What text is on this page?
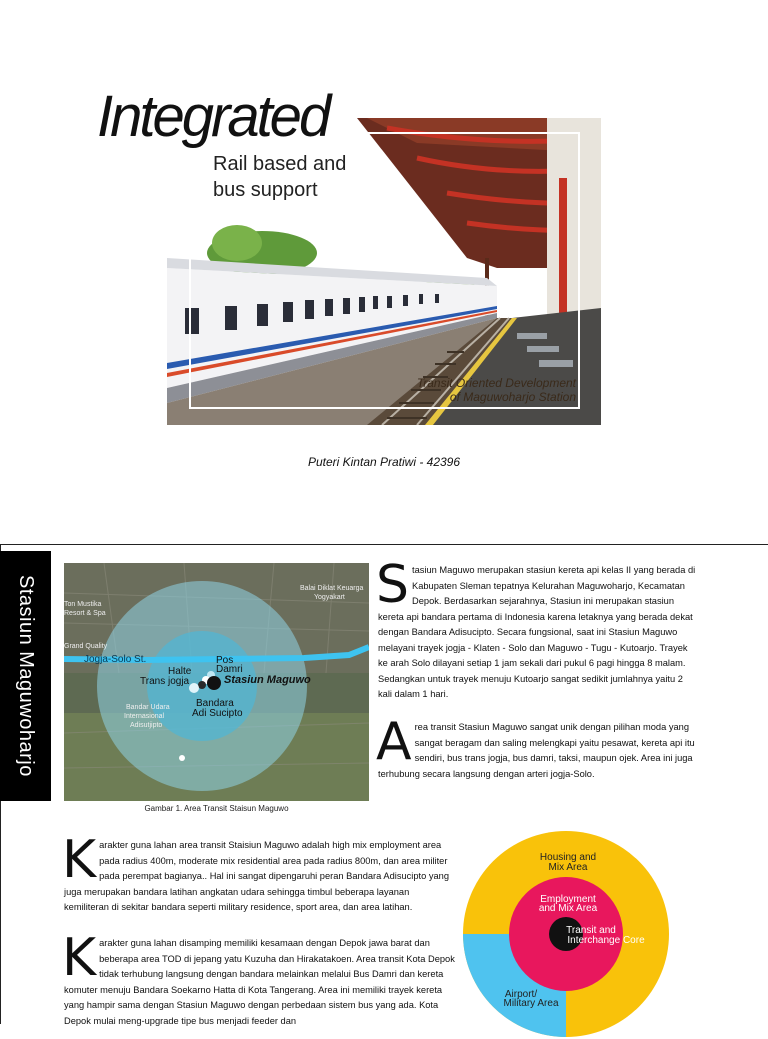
Transit Oriented Development
of Maguwoharjo Station
Integrated
Rail based and
bus support
Puteri Kintan Pratiwi - 42396
Stasiun Maguwoharjo	Ton Mustika
Resort & Spa
Balai Diklat Keuarga
Yogyakart
Grand Quality
Jogja-Solo St.	Pos
Damri
Halte
Trans jogja	Stasiun Maguwo
Bandara
Adi Sucipto
Bandar Udara
Internasional
Adisutjipto
Gambar 1. Area Transit Staisun Maguwo
S tasiun Maguwo merupakan stasiun kereta api kelas II yang berada di Kabupaten Sleman tepatnya Kelurahan Maguwoharjo, Kecamatan Depok. Berdasarkan sejarahnya, Stasiun ini merupakan stasiun kereta api bandara pertama di Indonesia karena letaknya yang berada dekat dengan Bandara Adisucipto. Secara fungsional, saat ini Stasiun Maguwo melayani trayek jogja - Klaten - Solo dan Maguwo - Tugu - Kutoarjo. Trayek ke arah Solo dilayani setiap 1 jam sekali dari pukul 6 pagi hingga 8 malam. Sedangkan untuk trayek menuju Kutoarjo sangat sedikit jumlahnya yaitu 2 kali dalam 1 hari.
A rea transit Stasiun Maguwo sangat unik dengan pilihan moda yang sangat beragam dan saling melengkapi yaitu pesawat, kereta api itu sendiri, bus trans jogja, bus damri, taksi, maupun ojek. Area ini juga terhubung secara langsung dengan arteri jogja-Solo.
K arakter guna lahan area transit Staisiun Maguwo adalah high mix employment area pada radius 400m, moderate mix residential area pada radius 800m, dan area militer pada perempat bagianya.. Hal ini sangat dipengaruhi peran Bandara Adisucipto yang juga merupakan bandara latihan angkatan udara sehingga timbul beberapa layanan kemiliteran di sekitar bandara seperti military residence, sport area, dan area latihan.
K arakter guna lahan disamping memiliki kesamaan dengan Depok jawa barat dan beberapa area TOD di jepang yatu Kuzuha dan Hirakatakoen. Area transit Kota Depok tidak terhubung langsung dengan bandara melainkan melalui Bus Damri dan kereta komuter menuju Bandara Soekarno Hatta di Kota Tangerang. Area ini memiliki trayek kereta yang hampir sama dengan Stasiun Maguwo dengan perbedaan sistem bus yang ada. Kota Depok mulai meng-upgrade tipe bus menjadi feeder dan
Housing and
Mix Area
Employment
and Mix Area
Transit and
Interchange Core
Airport/
Military Area
